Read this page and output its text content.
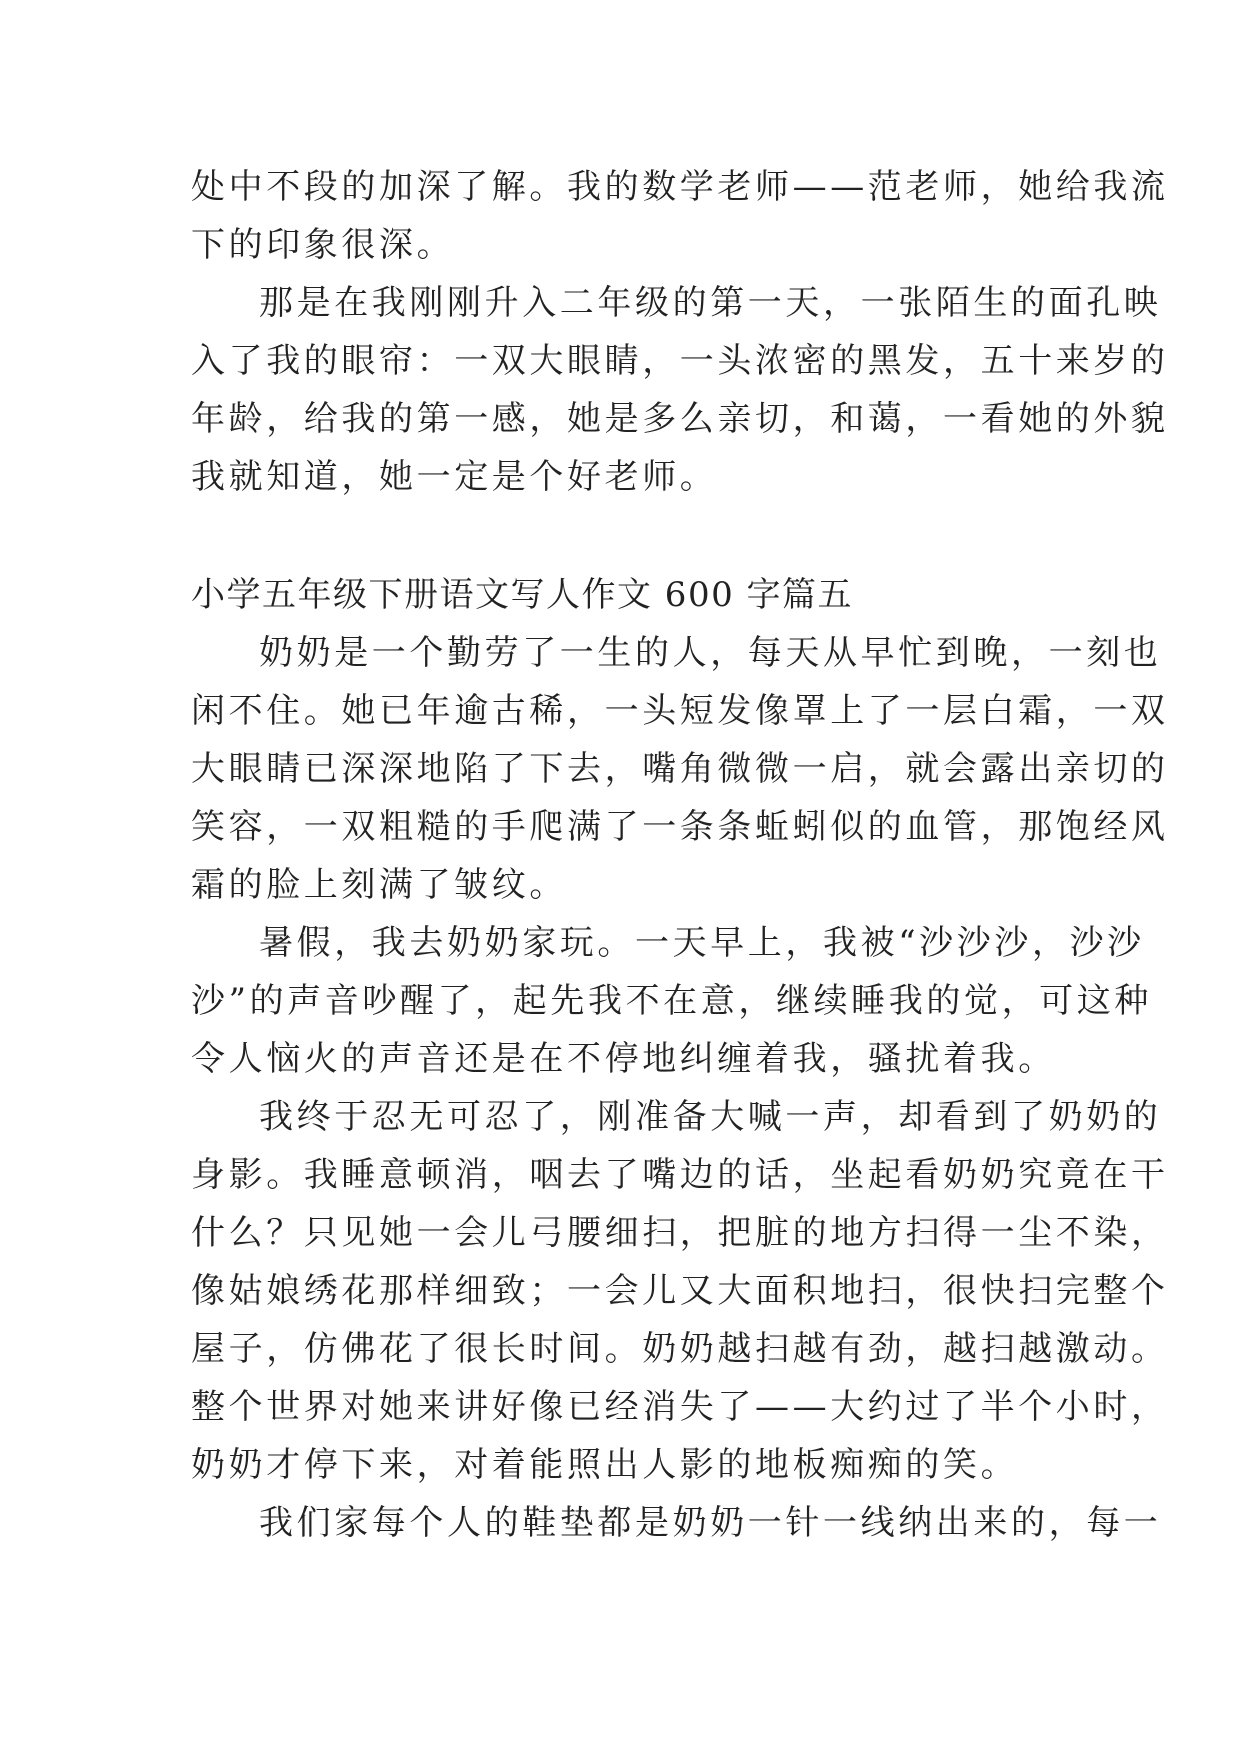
处中不段的加深了解。我的数学老师——范老师，她给我流
下的印象很深。
那是在我刚刚升入二年级的第一天，一张陌生的面孔映
入了我的眼帘：一双大眼睛，一头浓密的黑发，五十来岁的
年龄，给我的第一感，她是多么亲切，和蔼，一看她的外貌
我就知道，她一定是个好老师。
小学五年级下册语文写人作文 600 字篇五
奶奶是一个勤劳了一生的人，每天从早忙到晚，一刻也
闲不住。她已年逾古稀，一头短发像罩上了一层白霜，一双
大眼睛已深深地陷了下去，嘴角微微一启，就会露出亲切的
笑容，一双粗糙的手爬满了一条条蚯蚓似的血管，那饱经风
霜的脸上刻满了皱纹。
暑假，我去奶奶家玩。一天早上，我被“沙沙沙，沙沙
沙”的声音吵醒了，起先我不在意，继续睡我的觉，可这种
令人恼火的声音还是在不停地纠缠着我，骚扰着我。
我终于忍无可忍了，刚准备大喊一声，却看到了奶奶的
身影。我睡意顿消，咽去了嘴边的话，坐起看奶奶究竟在干
什么？只见她一会儿弓腰细扫，把脏的地方扫得一尘不染，
像姑娘绣花那样细致；一会儿又大面积地扫，很快扫完整个
屋子，仿佛花了很长时间。奶奶越扫越有劲，越扫越激动。
整个世界对她来讲好像已经消失了——大约过了半个小时，
奶奶才停下来，对着能照出人影的地板痴痴的笑。
我们家每个人的鞋垫都是奶奶一针一线纳出来的，每一
